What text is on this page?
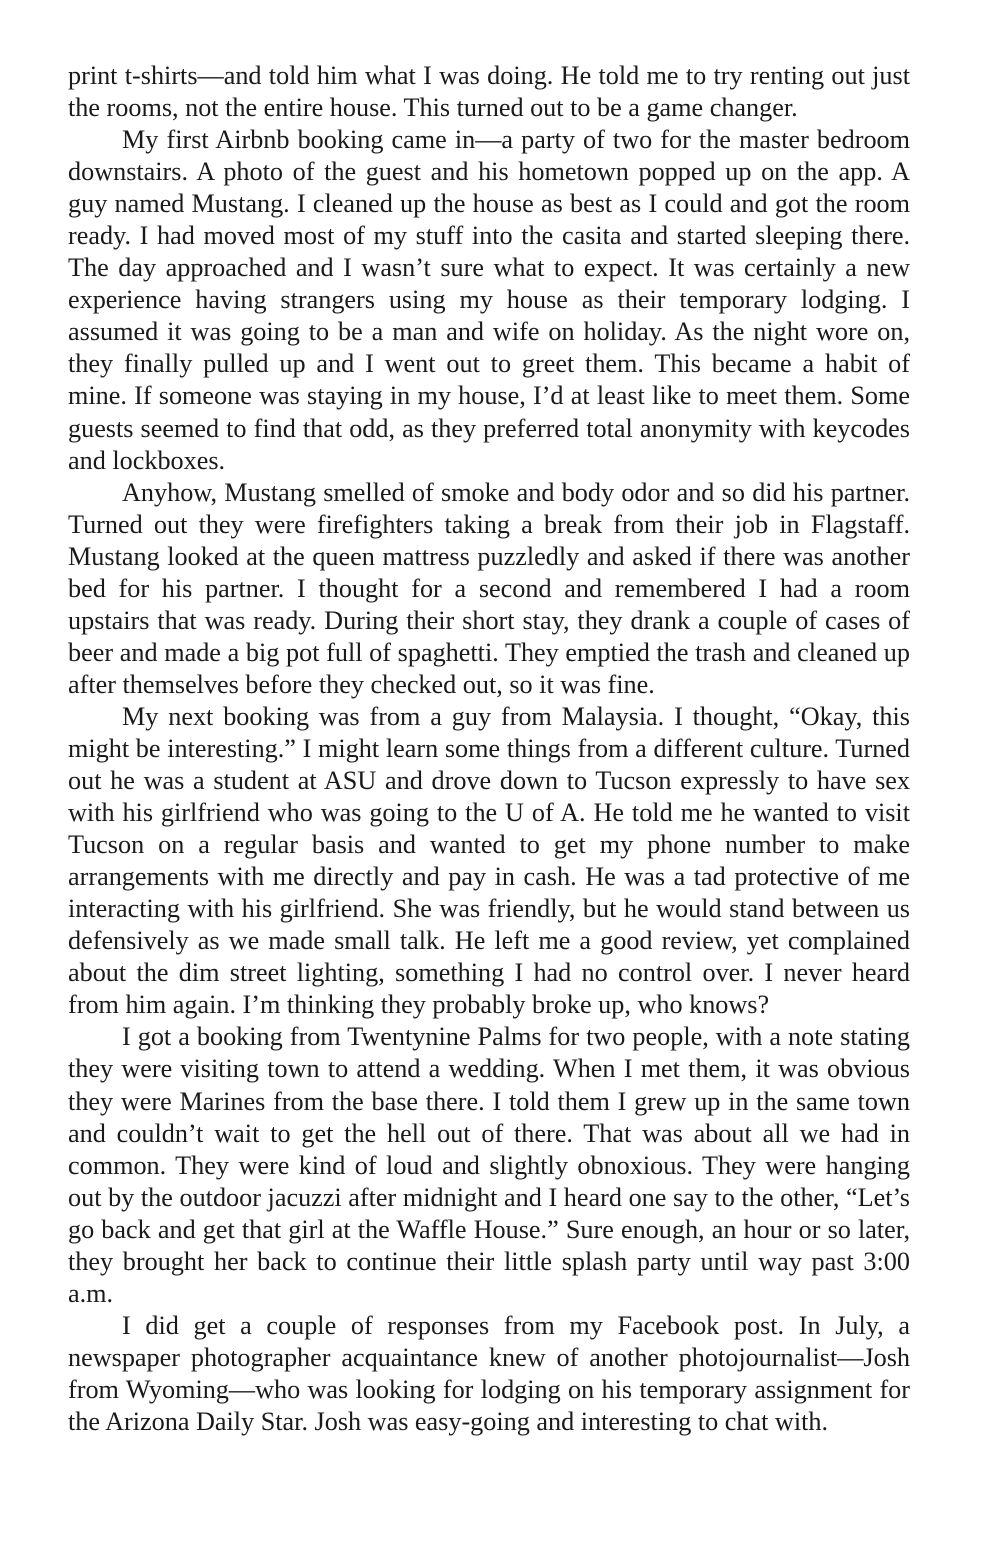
print t-shirts—and told him what I was doing. He told me to try renting out just the rooms, not the entire house. This turned out to be a game changer.

My first Airbnb booking came in—a party of two for the master bedroom downstairs. A photo of the guest and his hometown popped up on the app. A guy named Mustang. I cleaned up the house as best as I could and got the room ready. I had moved most of my stuff into the casita and started sleeping there. The day approached and I wasn’t sure what to expect. It was certainly a new experience having strangers using my house as their temporary lodging. I assumed it was going to be a man and wife on holiday. As the night wore on, they finally pulled up and I went out to greet them. This became a habit of mine. If someone was staying in my house, I’d at least like to meet them. Some guests seemed to find that odd, as they preferred total anonymity with keycodes and lockboxes.

Anyhow, Mustang smelled of smoke and body odor and so did his partner. Turned out they were firefighters taking a break from their job in Flagstaff. Mustang looked at the queen mattress puzzledly and asked if there was another bed for his partner. I thought for a second and remembered I had a room upstairs that was ready. During their short stay, they drank a couple of cases of beer and made a big pot full of spaghetti. They emptied the trash and cleaned up after themselves before they checked out, so it was fine.

My next booking was from a guy from Malaysia. I thought, “Okay, this might be interesting.” I might learn some things from a different culture. Turned out he was a student at ASU and drove down to Tucson expressly to have sex with his girlfriend who was going to the U of A. He told me he wanted to visit Tucson on a regular basis and wanted to get my phone number to make arrangements with me directly and pay in cash. He was a tad protective of me interacting with his girlfriend. She was friendly, but he would stand between us defensively as we made small talk. He left me a good review, yet complained about the dim street lighting, something I had no control over. I never heard from him again. I’m thinking they probably broke up, who knows?

I got a booking from Twentynine Palms for two people, with a note stating they were visiting town to attend a wedding. When I met them, it was obvious they were Marines from the base there. I told them I grew up in the same town and couldn’t wait to get the hell out of there. That was about all we had in common. They were kind of loud and slightly obnoxious. They were hanging out by the outdoor jacuzzi after midnight and I heard one say to the other, “Let’s go back and get that girl at the Waffle House.” Sure enough, an hour or so later, they brought her back to continue their little splash party until way past 3:00 a.m.

I did get a couple of responses from my Facebook post. In July, a newspaper photographer acquaintance knew of another photojournalist—Josh from Wyoming—who was looking for lodging on his temporary assignment for the Arizona Daily Star. Josh was easy-going and interesting to chat with.
